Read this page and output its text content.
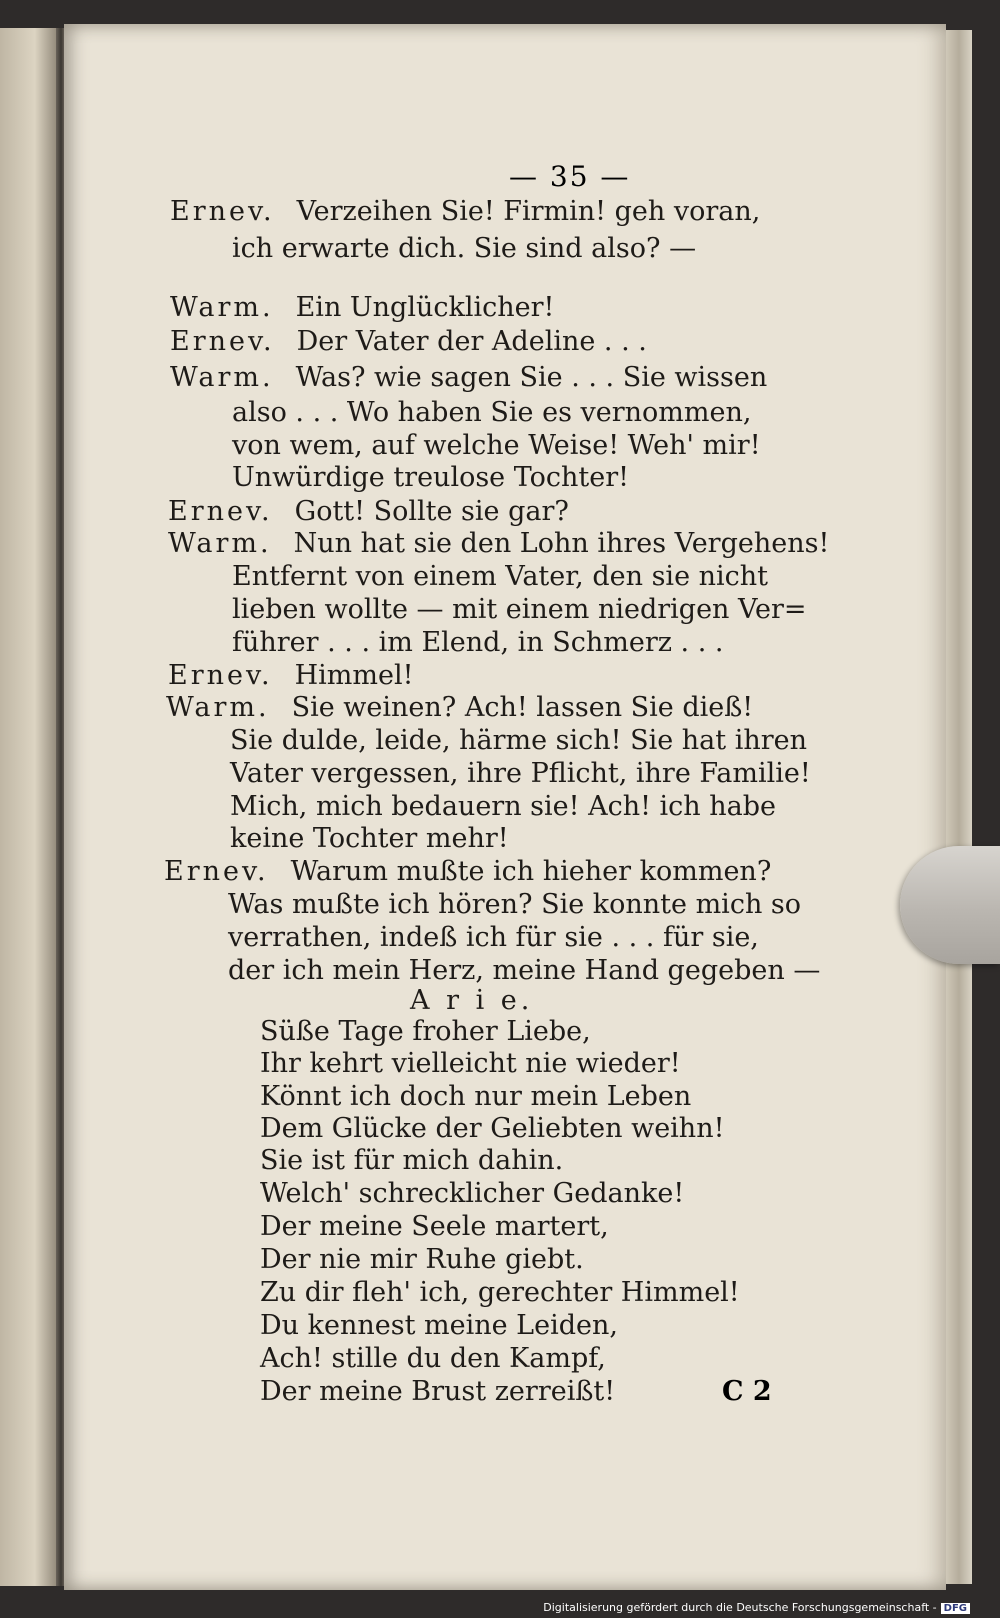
— 35 —
Ernev. Verzeihen Sie! Firmin! geh voran,
ich erwarte dich. Sie sind also? —
Warm. Ein Unglücklicher!
Ernev. Der Vater der Adeline . . .
Warm. Was? wie sagen Sie . . . Sie wissen
also . . . Wo haben Sie es vernommen,
von wem, auf welche Weise! Weh' mir!
Unwürdige treulose Tochter!
Ernev. Gott! Sollte sie gar?
Warm. Nun hat sie den Lohn ihres Vergehens!
Entfernt von einem Vater, den sie nicht
lieben wollte — mit einem niedrigen Ver=
führer . . . im Elend, in Schmerz . . .
Ernev. Himmel!
Warm. Sie weinen? Ach! lassen Sie dieß!
Sie dulde, leide, härme sich! Sie hat ihren
Vater vergessen, ihre Pflicht, ihre Familie!
Mich, mich bedauern sie! Ach! ich habe
keine Tochter mehr!
Ernev. Warum mußte ich hieher kommen?
Was mußte ich hören? Sie konnte mich so
verrathen, indeß ich für sie . . . für sie,
der ich mein Herz, meine Hand gegeben —
A r i e.
Süße Tage froher Liebe,
Ihr kehrt vielleicht nie wieder!
Könnt ich doch nur mein Leben
Dem Glücke der Geliebten weihn!
Sie ist für mich dahin.
Welch' schrecklicher Gedanke!
Der meine Seele martert,
Der nie mir Ruhe giebt.
Zu dir fleh' ich, gerechter Himmel!
Du kennest meine Leiden,
Ach! stille du den Kampf,
Der meine Brust zerreißt!	C 2
Digitalisierung gefördert durch die Deutsche Forschungsgemeinschaft - DFG
